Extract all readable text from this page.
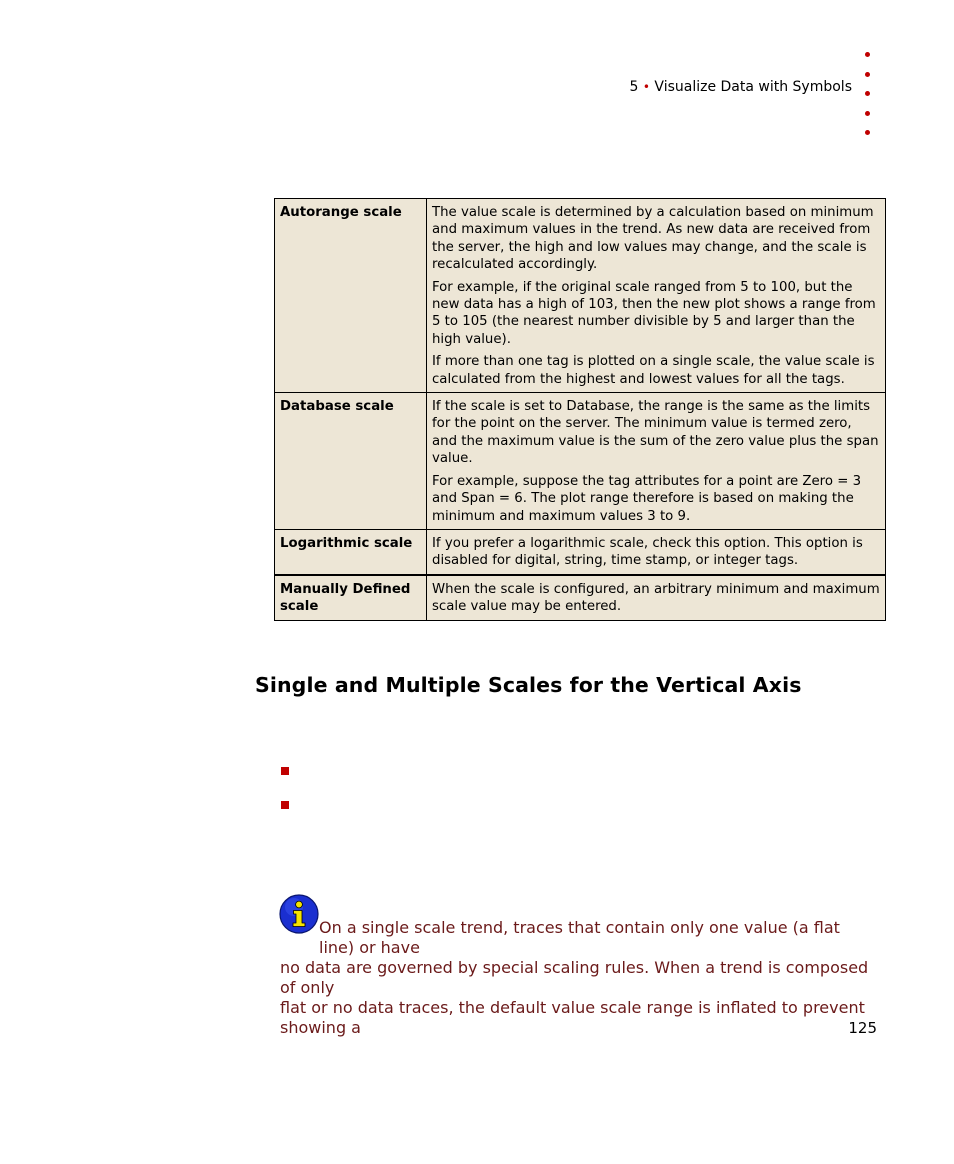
5 • Visualize Data with Symbols
Autorange scale	The value scale is determined by a calculation based on minimum and maximum values in the trend. As new data are received from the server, the high and low values may change, and the scale is recalculated accordingly.

For example, if the original scale ranged from 5 to 100, but the new data has a high of 103, then the new plot shows a range from 5 to 105 (the nearest number divisible by 5 and larger than the high value).

If more than one tag is plotted on a single scale, the value scale is calculated from the highest and lowest values for all the tags.

Database scale	If the scale is set to Database, the range is the same as the limits for the point on the server. The minimum value is termed zero, and the maximum value is the sum of the zero value plus the span value.

For example, suppose the tag attributes for a point are Zero = 3 and Span = 6. The plot range therefore is based on making the minimum and maximum values 3 to 9.

Logarithmic scale	If you prefer a logarithmic scale, check this option. This option is disabled for digital, string, time stamp, or integer tags.

Manually Defined scale	When the scale is configured, an arbitrary minimum and maximum scale value may be entered.

Single and Multiple Scales for the Vertical Axis
On a single scale trend, traces that contain only one value (a flat line) or have
no data are governed by special scaling rules. When a trend is composed of only
flat or no data traces, the default value scale range is inflated to prevent showing a	125
